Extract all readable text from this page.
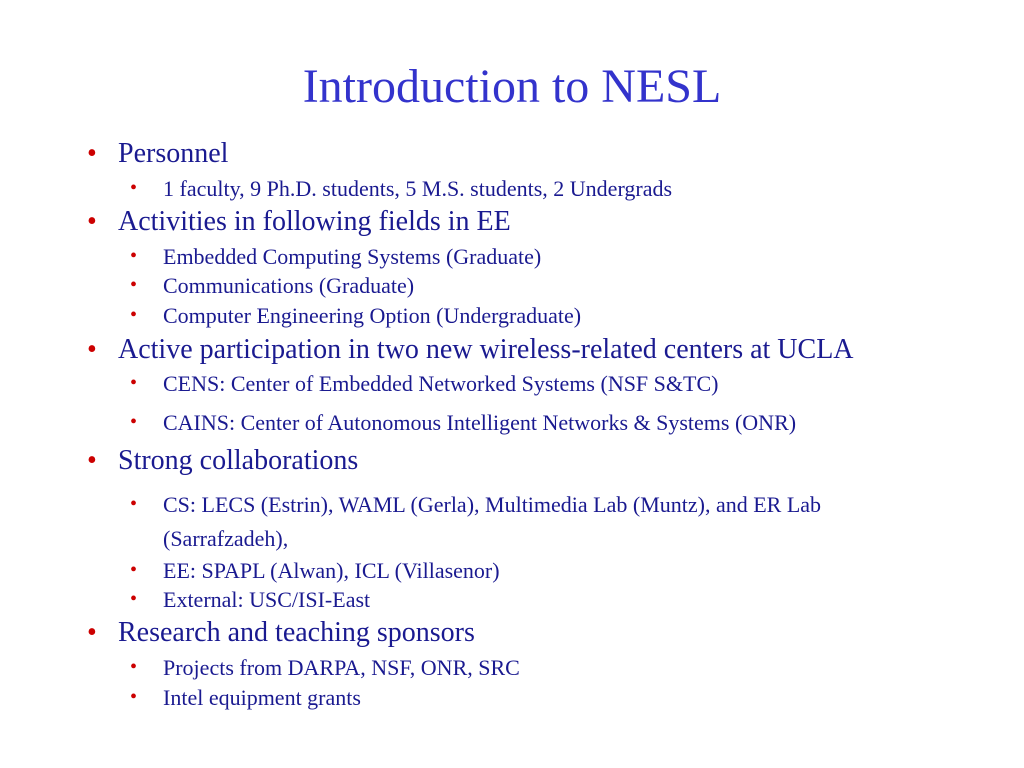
Introduction to NESL
• Personnel
• 1 faculty, 9 Ph.D. students, 5 M.S. students, 2 Undergrads
• Activities in following fields in EE
• Embedded Computing Systems (Graduate)
• Communications (Graduate)
• Computer Engineering Option (Undergraduate)
• Active participation in two new wireless-related centers at UCLA
• CENS: Center of Embedded Networked Systems (NSF S&TC)
• CAINS: Center of Autonomous Intelligent Networks & Systems (ONR)
• Strong collaborations
• CS: LECS (Estrin), WAML (Gerla), Multimedia Lab (Muntz), and ER Lab
(Sarrafzadeh),
• EE: SPAPL (Alwan), ICL (Villasenor)
• External: USC/ISI-East
• Research and teaching sponsors
• Projects from DARPA, NSF, ONR, SRC
• Intel equipment grants
